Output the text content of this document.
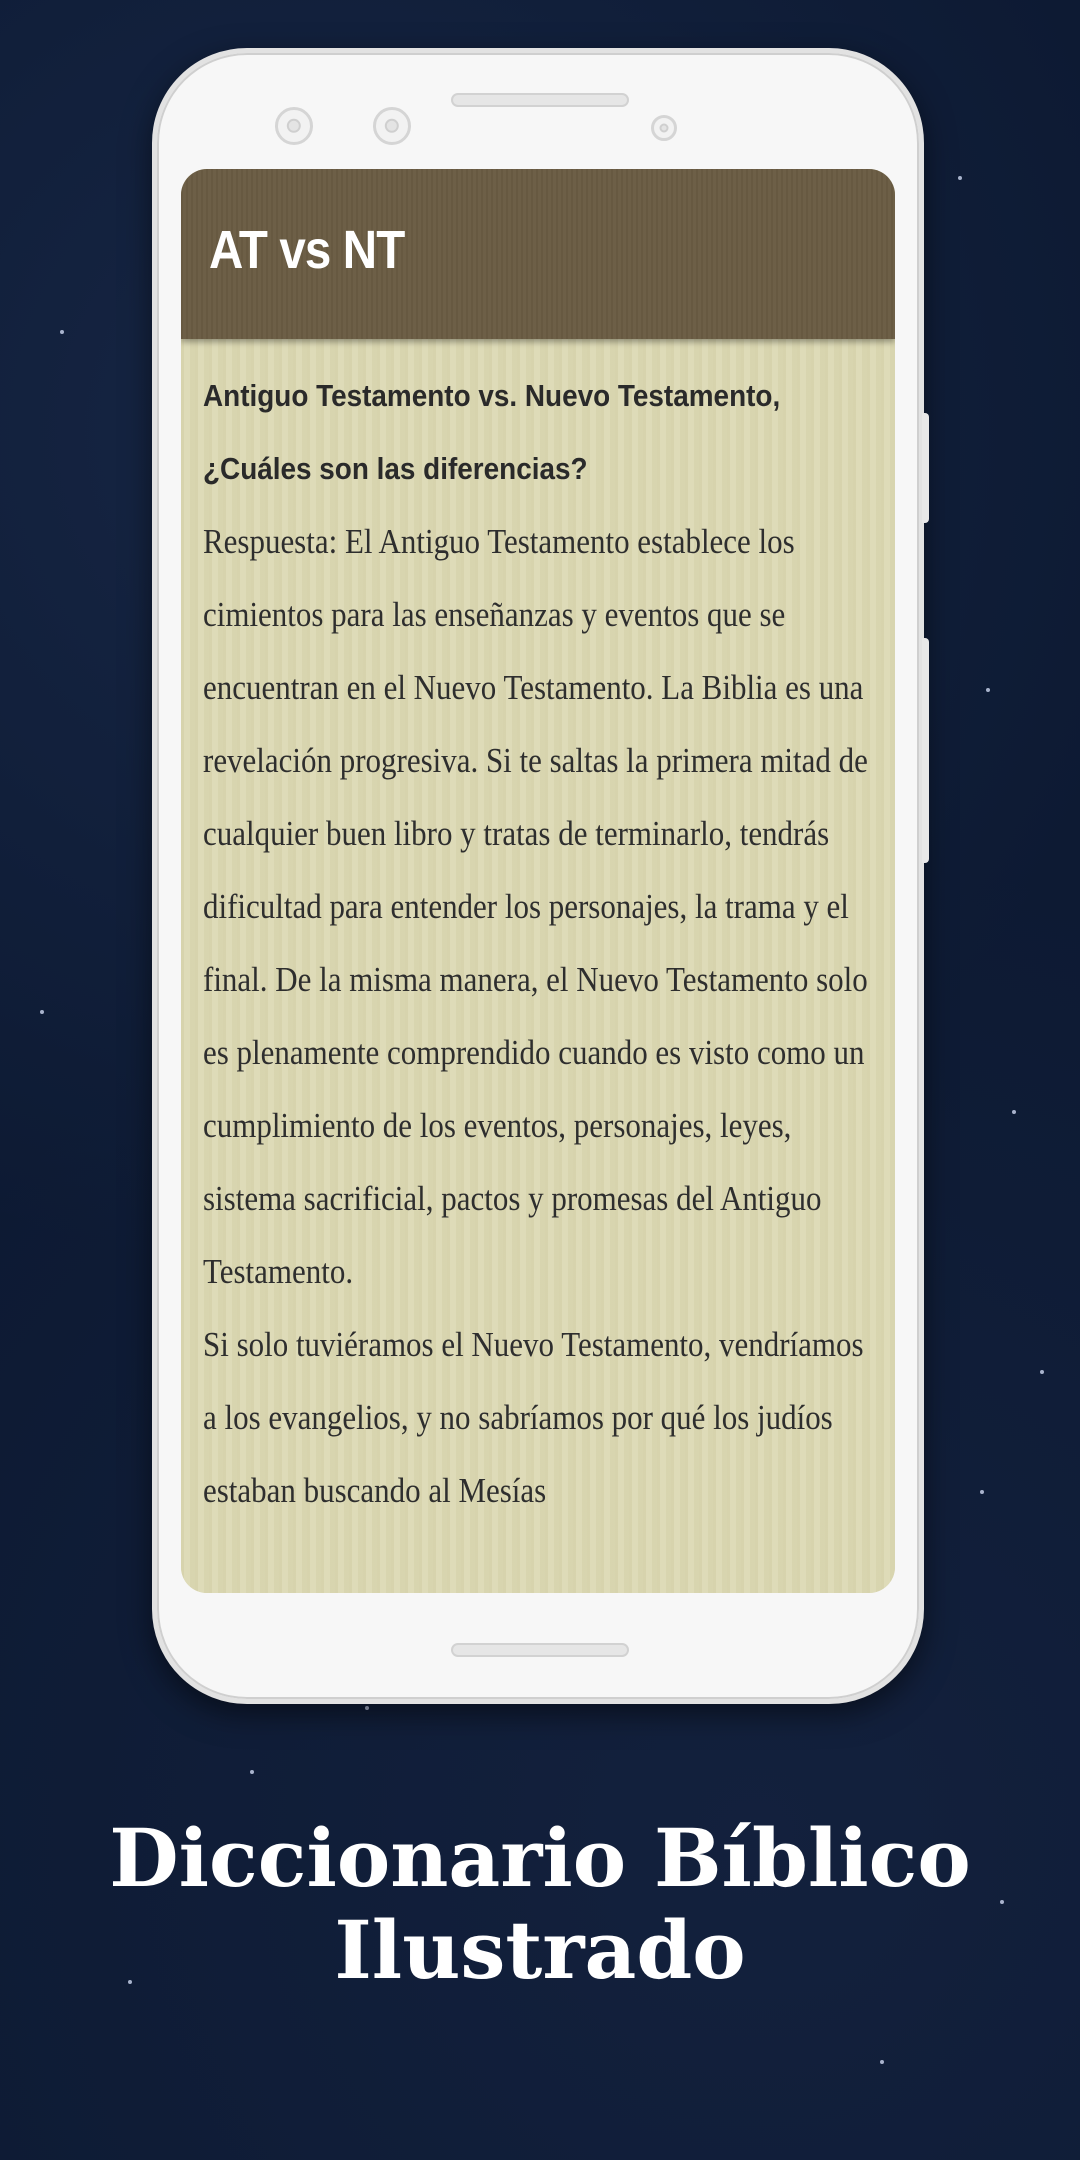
AT vs NT

Antiguo Testamento vs. Nuevo Testamento,

¿Cuáles son las diferencias?

Respuesta: El Antiguo Testamento establece los cimientos para las enseñanzas y eventos que se encuentran en el Nuevo Testamento. La Biblia es una revelación progresiva. Si te saltas la primera mitad de cualquier buen libro y tratas de terminarlo, tendrás dificultad para entender los personajes, la trama y el final. De la misma manera, el Nuevo Testamento solo es plenamente comprendido cuando es visto como un cumplimiento de los eventos, personajes, leyes, sistema sacrificial, pactos y promesas del Antiguo Testamento.

Si solo tuviéramos el Nuevo Testamento, vendríamos a los evangelios, y no sabríamos por qué los judíos estaban buscando al Mesías

Diccionario Bíblico
Ilustrado
